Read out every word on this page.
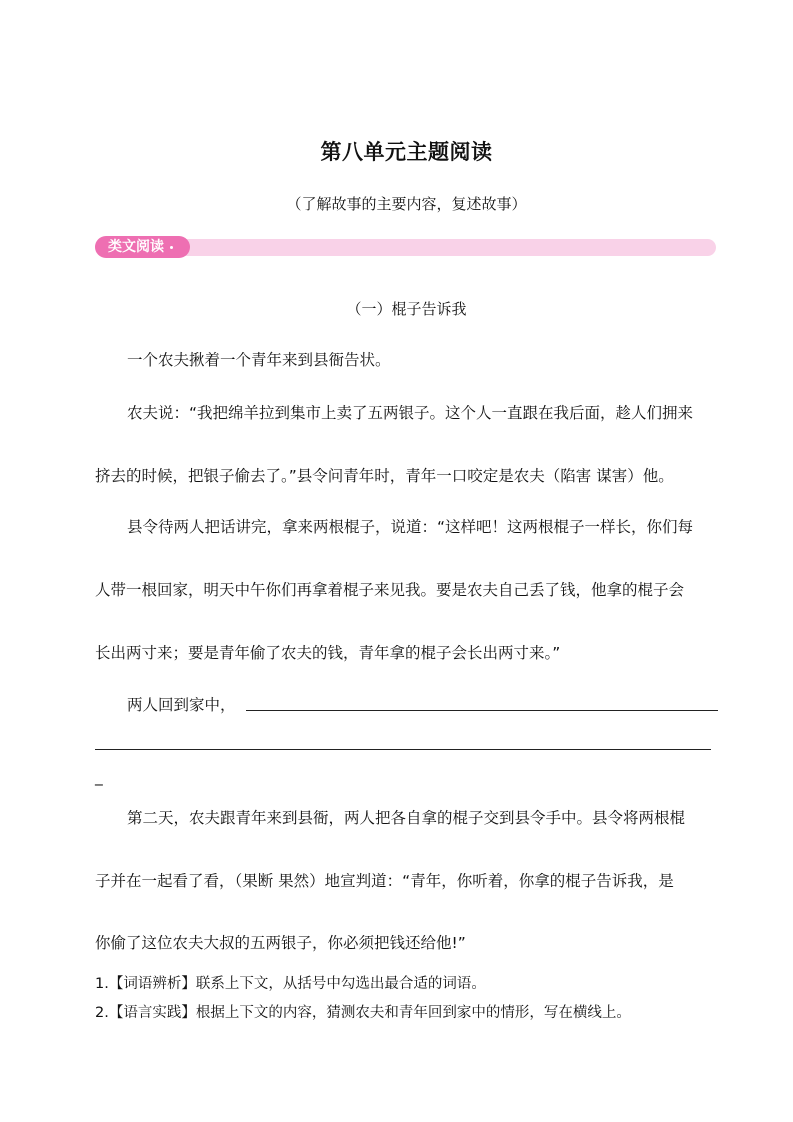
第八单元主题阅读
（了解故事的主要内容，复述故事）
类文阅读
（一）棍子告诉我
一个农夫揪着一个青年来到县衙告状。
农夫说：“我把绵羊拉到集市上卖了五两银子。这个人一直跟在我后面，趁人们拥来
挤去的时候，把银子偷去了。”县令问青年时，青年一口咬定是农夫（陷害 谋害）他。
县令待两人把话讲完，拿来两根棍子，说道：“这样吧！这两根棍子一样长，你们每
人带一根回家，明天中午你们再拿着棍子来见我。要是农夫自己丢了钱，他拿的棍子会
长出两寸来；要是青年偷了农夫的钱，青年拿的棍子会长出两寸来。”
两人回到家中，
_
第二天，农夫跟青年来到县衙，两人把各自拿的棍子交到县令手中。县令将两根棍
子并在一起看了看，（果断 果然）地宣判道：“青年，你听着，你拿的棍子告诉我，是
你偷了这位农夫大叔的五两银子，你必须把钱还给他!”
1.【词语辨析】联系上下文，从括号中勾选出最合适的词语。
2.【语言实践】根据上下文的内容，猜测农夫和青年回到家中的情形，写在横线上。
